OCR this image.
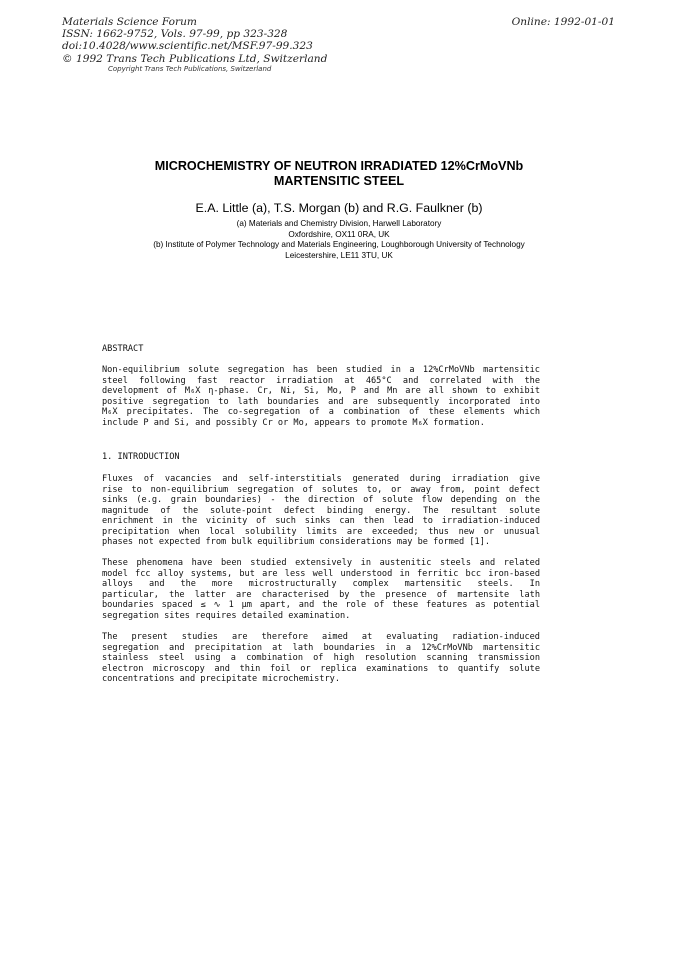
Materials Science Forum
ISSN: 1662-9752, Vols. 97-99, pp 323-328
doi:10.4028/www.scientific.net/MSF.97-99.323
© 1992 Trans Tech Publications Ltd, Switzerland
Copyright Trans Tech Publications, Switzerland
Online: 1992-01-01
MICROCHEMISTRY OF NEUTRON IRRADIATED 12%CrMoVNb
MARTENSITIC STEEL
E.A. Little (a), T.S. Morgan (b) and R.G. Faulkner (b)
(a) Materials and Chemistry Division, Harwell Laboratory
Oxfordshire, OX11 0RA, UK
(b) Institute of Polymer Technology and Materials Engineering, Loughborough University of Technology
Leicestershire, LE11 3TU, UK
ABSTRACT
Non-equilibrium solute segregation has been studied in a 12%CrMoVNb martensitic
steel following fast reactor irradiation at 465°C and correlated with the
development of M₆X η-phase. Cr, Ni, Si, Mo, P and Mn are all shown to exhibit
positive segregation to lath boundaries and are subsequently incorporated into
M₆X precipitates. The co-segregation of a combination of these elements which
include P and Si, and possibly Cr or Mo, appears to promote M₆X formation.
1. INTRODUCTION
Fluxes of vacancies and self-interstitials generated during irradiation give
rise to non-equilibrium segregation of solutes to, or away from, point defect
sinks (e.g. grain boundaries) - the direction of solute flow depending on the
magnitude of the solute-point defect binding energy. The resultant solute
enrichment in the vicinity of such sinks can then lead to irradiation-induced
precipitation when local solubility limits are exceeded; thus new or unusual
phases not expected from bulk equilibrium considerations may be formed [1].
These phenomena have been studied extensively in austenitic steels and related
model fcc alloy systems, but are less well understood in ferritic bcc iron-based
alloys and the more microstructurally complex martensitic steels. In
particular, the latter are characterised by the presence of martensite lath
boundaries spaced ≤ ∿ 1 µm apart, and the role of these features as potential
segregation sites requires detailed examination.
The present studies are therefore aimed at evaluating radiation-induced
segregation and precipitation at lath boundaries in a 12%CrMoVNb martensitic
stainless steel using a combination of high resolution scanning transmission
electron microscopy and thin foil or replica examinations to quantify solute
concentrations and precipitate microchemistry.
